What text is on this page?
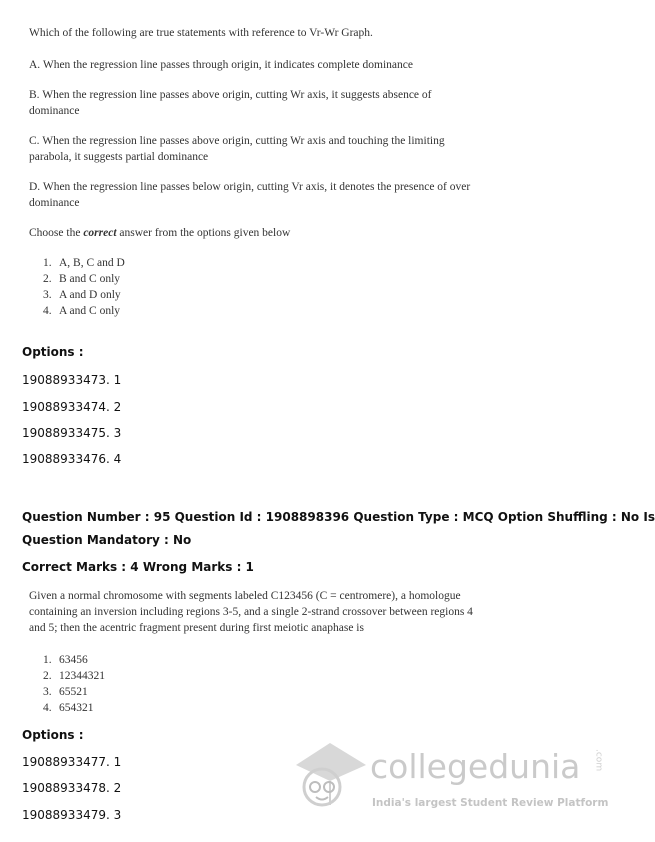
Which of the following are true statements with reference to Vr-Wr Graph.

A. When the regression line passes through origin, it indicates complete dominance

B. When the regression line passes above origin, cutting Wr axis, it suggests absence of

dominance

C. When the regression line passes above origin, cutting Wr axis and touching the limiting

parabola, it suggests partial dominance

D. When the regression line passes below origin, cutting Vr axis, it denotes the presence of over

dominance

Choose the correct answer from the options given below

1. A, B, C and D
2. B and C only
3. A and D only
4. A and C only
Options :
19088933473. 1
19088933474. 2
19088933475. 3
19088933476. 4
Question Number : 95 Question Id : 1908898396 Question Type : MCQ Option Shuffling : No Is
Question Mandatory : No
Correct Marks : 4 Wrong Marks : 1

Given a normal chromosome with segments labeled C123456 (C = centromere), a homologue

containing an inversion including regions 3-5, and a single 2-strand crossover between regions 4

and 5; then the acentric fragment present during first meiotic anaphase is

1. 63456
2. 12344321
3. 65521
4. 654321
Options :
19088933477. 1
19088933478. 2
19088933479. 3
collegedunia .com
India's largest Student Review Platform
